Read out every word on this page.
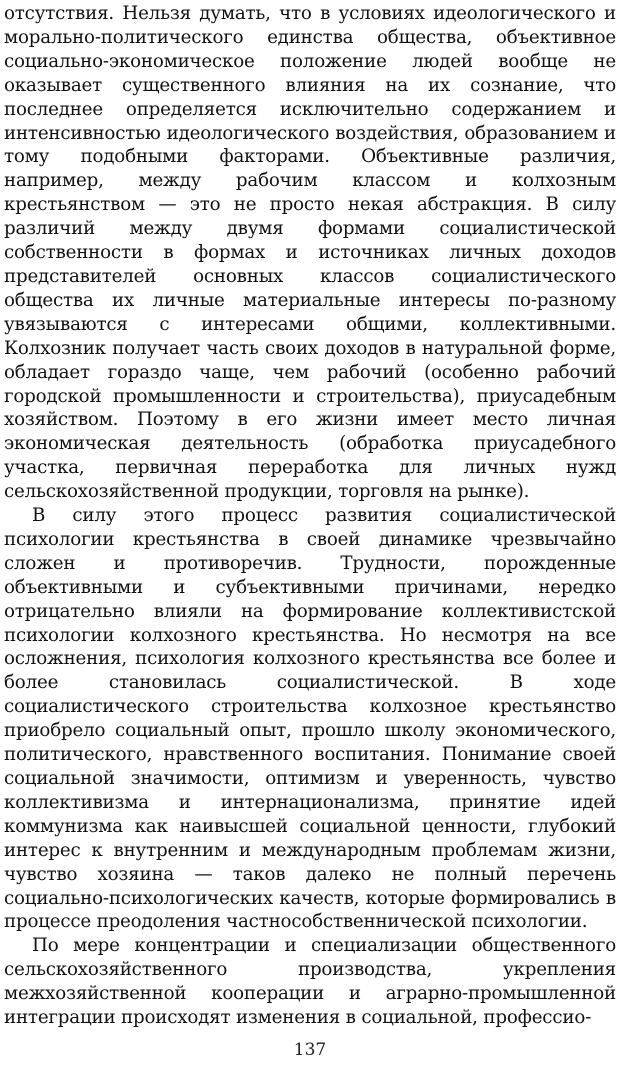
отсутствия. Нельзя думать, что в условиях идеологического и морально-политического единства общества, объективное социально-экономическое положение людей вообще не оказывает существенного влияния на их сознание, что последнее определяется исключительно содержанием и интенсивностью идеологического воздействия, образованием и тому подобными факторами. Объективные различия, например, между рабочим классом и колхозным крестьянством — это не просто некая абстракция. В силу различий между двумя формами социалистической собственности в формах и источниках личных доходов представителей основных классов социалистического общества их личные материальные интересы по-разному увязываются с интересами общими, коллективными. Колхозник получает часть своих доходов в натуральной форме, обладает гораздо чаще, чем рабочий (особенно рабочий городской промышленности и строительства), приусадебным хозяйством. Поэтому в его жизни имеет место личная экономическая деятельность (обработка приусадебного участка, первичная переработка для личных нужд сельскохозяйственной продукции, торговля на рынке).

В силу этого процесс развития социалистической психологии крестьянства в своей динамике чрезвычайно сложен и противоречив. Трудности, порожденные объективными и субъективными причинами, нередко отрицательно влияли на формирование коллективистской психологии колхозного крестьянства. Но несмотря на все осложнения, психология колхозного крестьянства все более и более становилась социалистической. В ходе социалистического строительства колхозное крестьянство приобрело социальный опыт, прошло школу экономического, политического, нравственного воспитания. Понимание своей социальной значимости, оптимизм и уверенность, чувство коллективизма и интернационализма, принятие идей коммунизма как наивысшей социальной ценности, глубокий интерес к внутренним и международным проблемам жизни, чувство хозяина — таков далеко не полный перечень социально-психологических качеств, которые формировались в процессе преодоления частнособственнической психологии.

По мере концентрации и специализации общественного сельскохозяйственного производства, укрепления межхозяйственной кооперации и аграрно-промышленной интеграции происходят изменения в социальной, профессио-

137
